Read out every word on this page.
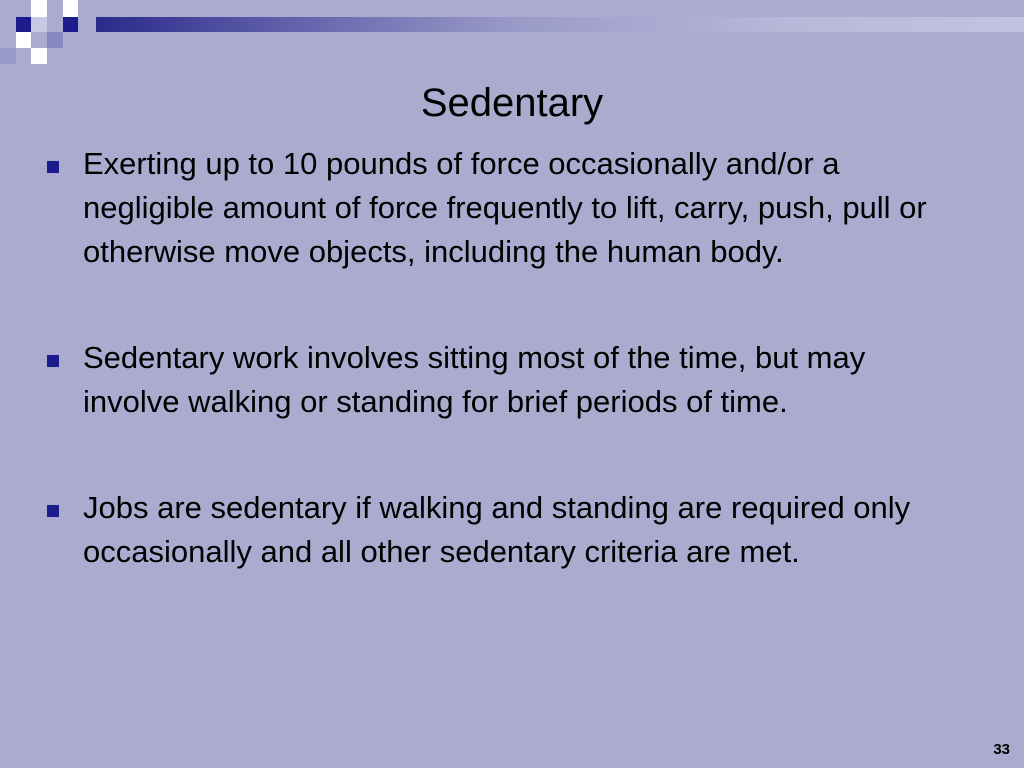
Sedentary
Exerting up to 10 pounds of force occasionally and/or a negligible amount of force frequently to lift, carry, push, pull or otherwise move objects, including the human body.
Sedentary work involves sitting most of the time, but may involve walking or standing for brief periods of time.
Jobs are sedentary if walking and standing are required only occasionally and all other sedentary criteria are met.
33
